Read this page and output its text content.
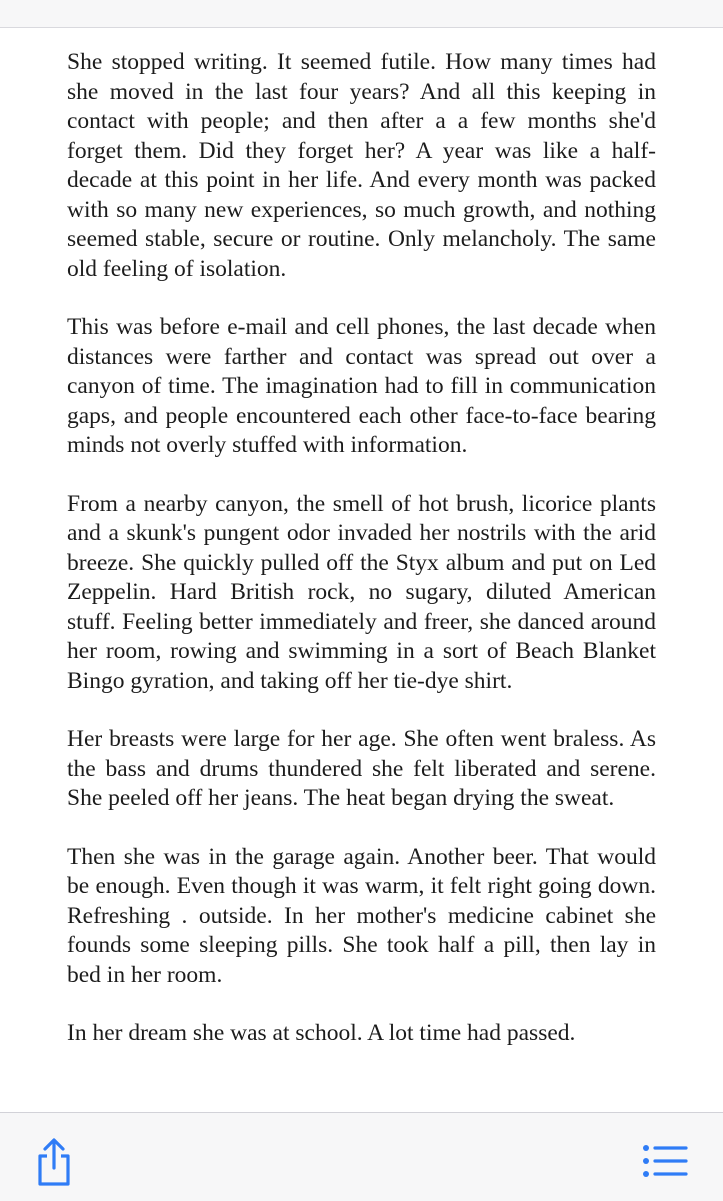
She stopped writing. It seemed futile. How many times had she moved in the last four years? And all this keeping in contact with people; and then after a a few months she'd forget them. Did they forget her? A year was like a half-decade at this point in her life. And every month was packed with so many new experiences, so much growth, and nothing seemed stable, secure or routine. Only melancholy. The same old feeling of isolation.

This was before e-mail and cell phones, the last decade when distances were farther and contact was spread out over a canyon of time. The imagination had to fill in communication gaps, and people encountered each other face-to-face bearing minds not overly stuffed with information.

From a nearby canyon, the smell of hot brush, licorice plants and a skunk's pungent odor invaded her nostrils with the arid breeze. She quickly pulled off the Styx album and put on Led Zeppelin. Hard British rock, no sugary, diluted American stuff. Feeling better immediately and freer, she danced around her room, rowing and swimming in a sort of Beach Blanket Bingo gyration, and taking off her tie-dye shirt.

Her breasts were large for her age. She often went braless. As the bass and drums thundered she felt liberated and serene. She peeled off her jeans. The heat began drying the sweat.

Then she was in the garage again. Another beer. That would be enough. Even though it was warm, it felt right going down. Refreshing . outside. In her mother's medicine cabinet she founds some sleeping pills. She took half a pill, then lay in bed in her room.

In her dream she was at school. A lot time had passed.
